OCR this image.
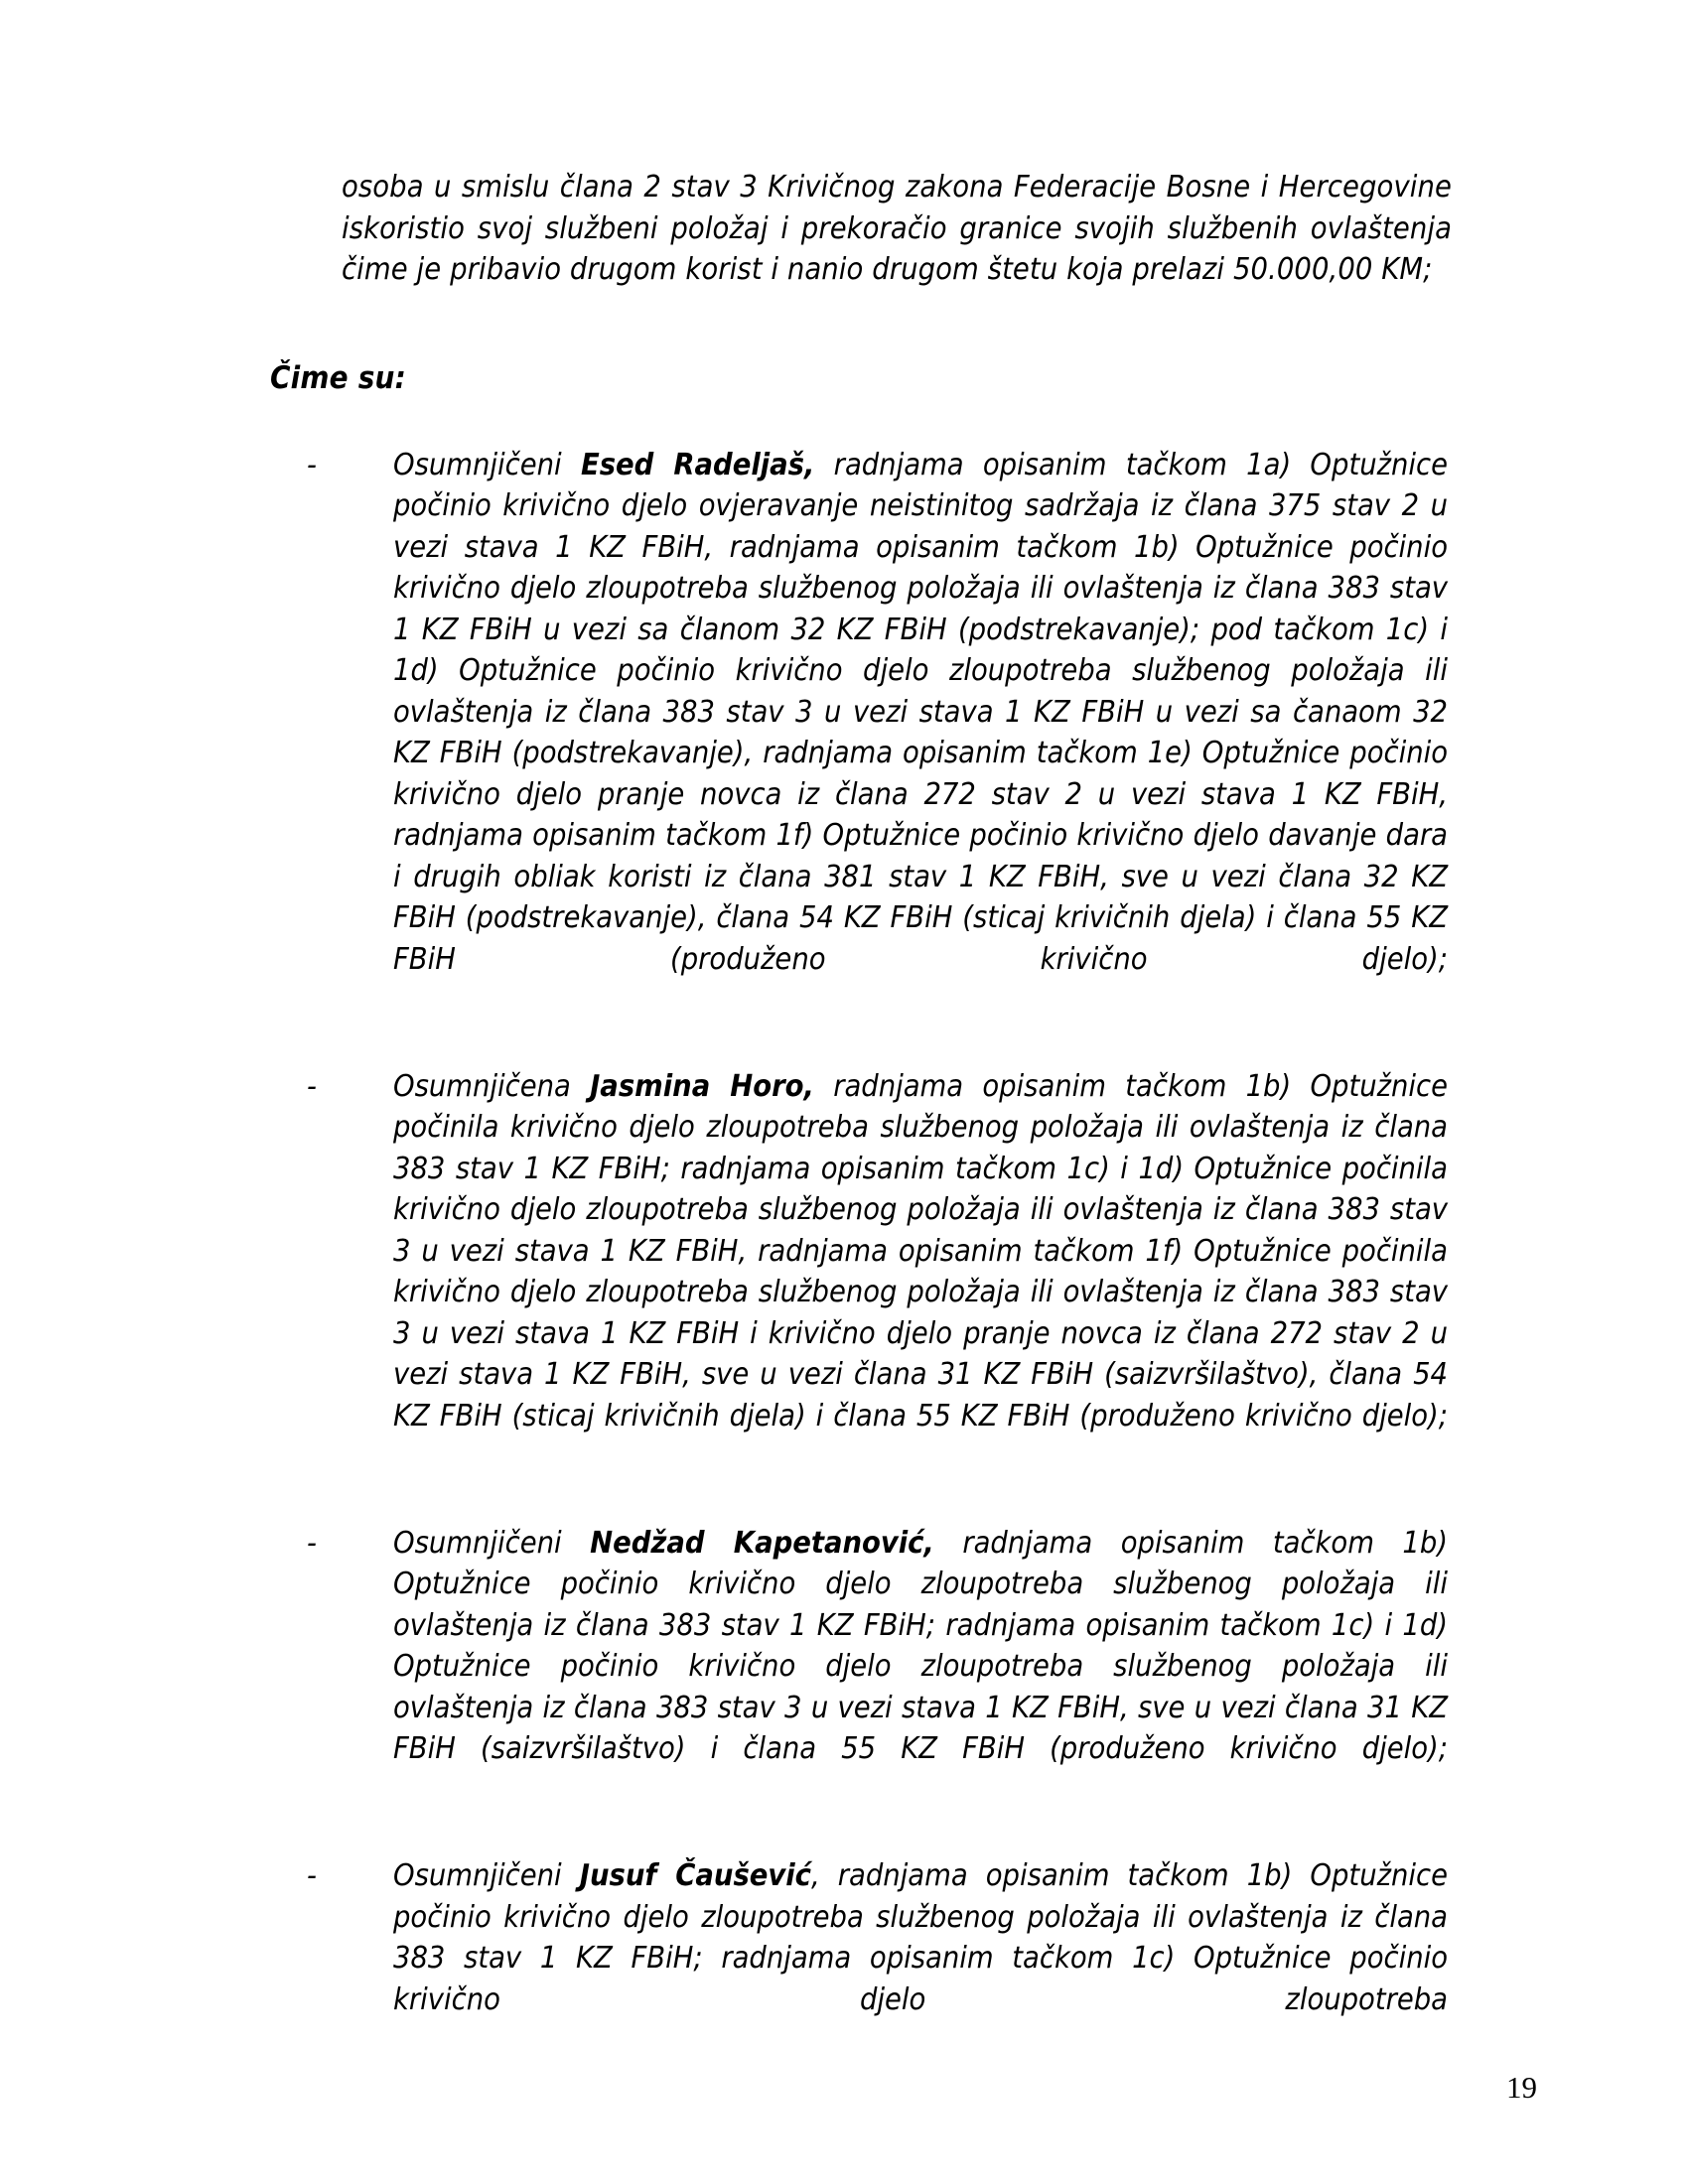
osoba u smislu člana 2 stav 3 Krivičnog zakona Federacije Bosne i Hercegovine iskoristio svoj službeni položaj i prekoračio granice svojih službenih ovlaštenja čime je pribavio drugom korist i nanio drugom štetu koja prelazi 50.000,00 KM;

Čime su:
-	Osumnjičeni Esed Radeljaš, radnjama opisanim tačkom 1a) Optužnice počinio krivično djelo ovjeravanje neistinitog sadržaja iz člana 375 stav 2 u vezi stava 1 KZ FBiH, radnjama opisanim tačkom 1b) Optužnice počinio krivično djelo zloupotreba službenog položaja ili ovlaštenja iz člana 383 stav 1 KZ FBiH u vezi sa članom 32 KZ FBiH (podstrekavanje); pod tačkom 1c) i 1d) Optužnice počinio krivično djelo zloupotreba službenog položaja ili ovlaštenja iz člana 383 stav 3 u vezi stava 1 KZ FBiH u vezi sa čanaom 32 KZ FBiH (podstrekavanje), radnjama opisanim tačkom 1e) Optužnice počinio krivično djelo pranje novca iz člana 272 stav 2 u vezi stava 1 KZ FBiH, radnjama opisanim tačkom 1f) Optužnice počinio krivično djelo davanje dara i drugih obliak koristi iz člana 381 stav 1 KZ FBiH, sve u vezi člana 32 KZ FBiH (podstrekavanje), člana 54 KZ FBiH (sticaj krivičnih djela) i člana 55 KZ FBiH (produženo krivično djelo);

-	Osumnjičena Jasmina Horo, radnjama opisanim tačkom 1b) Optužnice počinila krivično djelo zloupotreba službenog položaja ili ovlaštenja iz člana 383 stav 1 KZ FBiH; radnjama opisanim tačkom 1c) i 1d) Optužnice počinila krivično djelo zloupotreba službenog položaja ili ovlaštenja iz člana 383 stav 3 u vezi stava 1 KZ FBiH, radnjama opisanim tačkom 1f) Optužnice počinila krivično djelo zloupotreba službenog položaja ili ovlaštenja iz člana 383 stav 3 u vezi stava 1 KZ FBiH i krivično djelo pranje novca iz člana 272 stav 2 u vezi stava 1 KZ FBiH, sve u vezi člana 31 KZ FBiH (saizvršilaštvo), člana 54 KZ FBiH (sticaj krivičnih djela) i člana 55 KZ FBiH (produženo krivično djelo);

-	Osumnjičeni Nedžad Kapetanović, radnjama opisanim tačkom 1b) Optužnice počinio krivično djelo zloupotreba službenog položaja ili ovlaštenja iz člana 383 stav 1 KZ FBiH; radnjama opisanim tačkom 1c) i 1d) Optužnice počinio krivično djelo zloupotreba službenog položaja ili ovlaštenja iz člana 383 stav 3 u vezi stava 1 KZ FBiH, sve u vezi člana 31 KZ FBiH (saizvršilaštvo) i člana 55 KZ FBiH (produženo krivično djelo);

-	Osumnjičeni Jusuf Čaušević, radnjama opisanim tačkom 1b) Optužnice počinio krivično djelo zloupotreba službenog položaja ili ovlaštenja iz člana 383 stav 1 KZ FBiH; radnjama opisanim tačkom 1c) Optužnice počinio krivično djelo zloupotreba

19
